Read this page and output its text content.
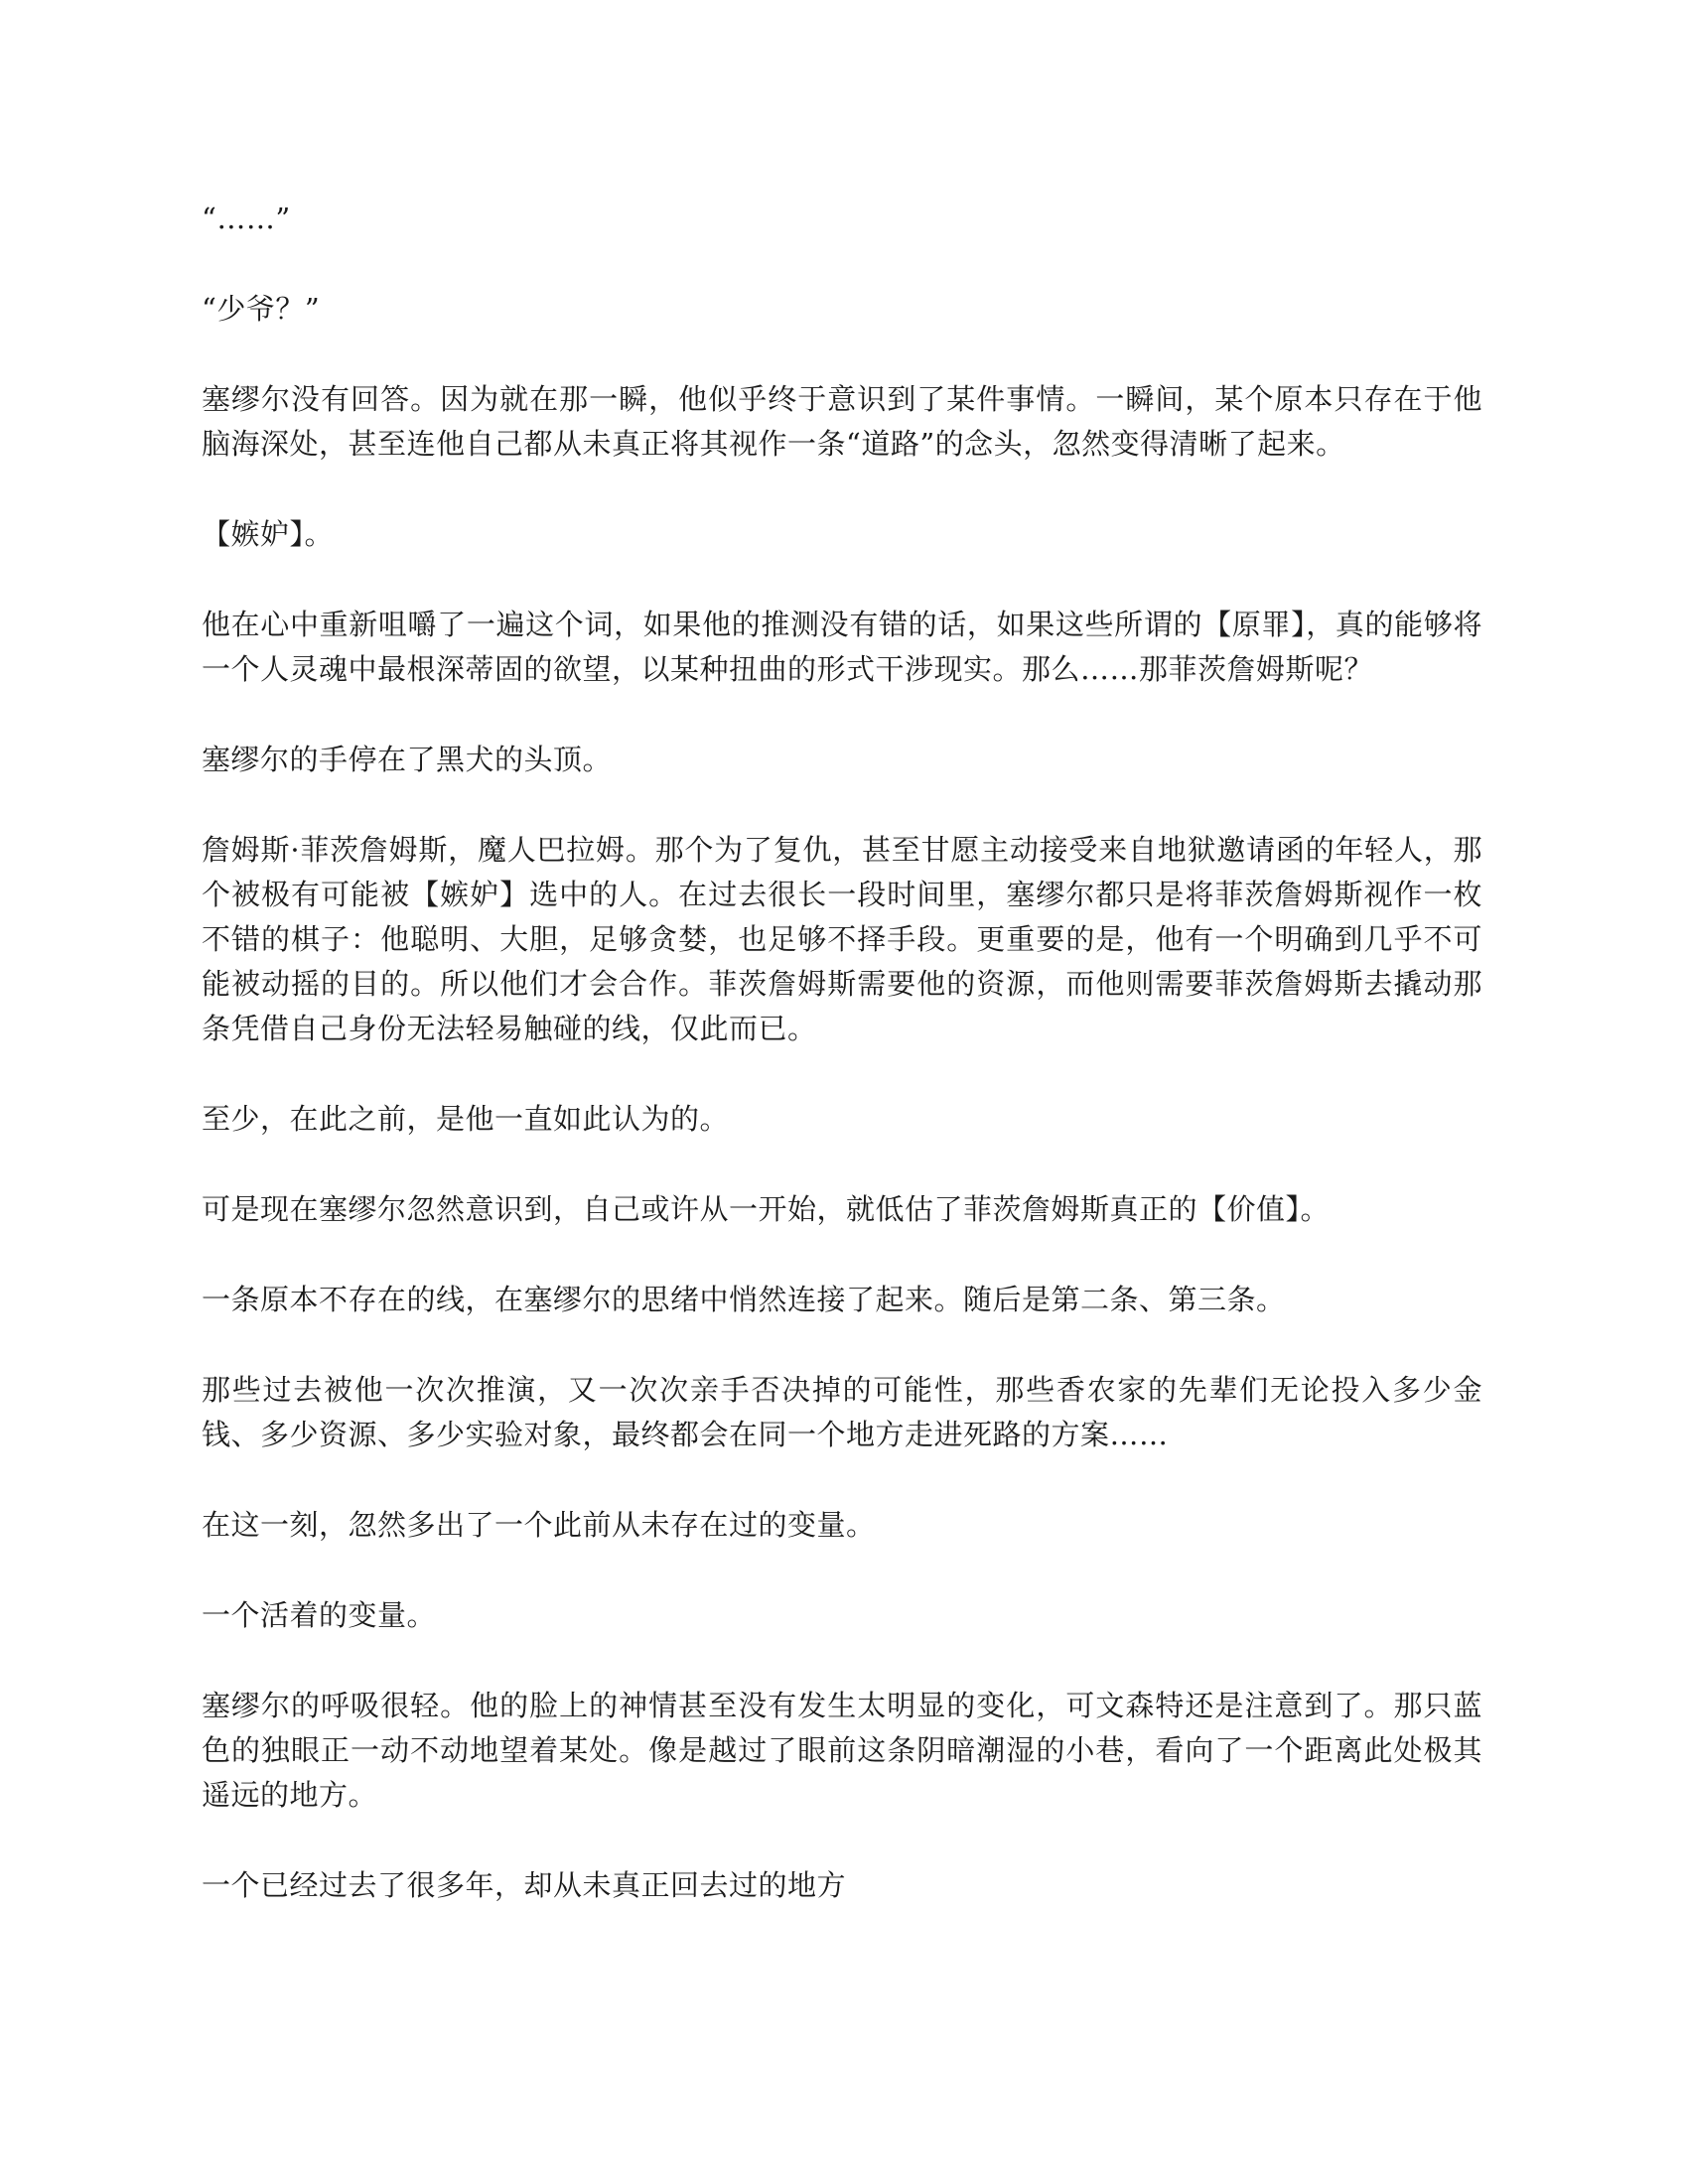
“……”

“少爷？”

塞缪尔没有回答。因为就在那一瞬，他似乎终于意识到了某件事情。一瞬间，某个原本只存在于他脑海深处，甚至连他自己都从未真正将其视作一条“道路”的念头，忽然变得清晰了起来。

【嫉妒】。

他在心中重新咀嚼了一遍这个词，如果他的推测没有错的话，如果这些所谓的【原罪】，真的能够将一个人灵魂中最根深蒂固的欲望，以某种扭曲的形式干涉现实。那么……那菲茨詹姆斯呢？

塞缪尔的手停在了黑犬的头顶。

詹姆斯·菲茨詹姆斯，魔人巴拉姆。那个为了复仇，甚至甘愿主动接受来自地狱邀请函的年轻人，那个被极有可能被【嫉妒】选中的人。在过去很长一段时间里，塞缪尔都只是将菲茨詹姆斯视作一枚不错的棋子：他聪明、大胆，足够贪婪，也足够不择手段。更重要的是，他有一个明确到几乎不可能被动摇的目的。所以他们才会合作。菲茨詹姆斯需要他的资源，而他则需要菲茨詹姆斯去撬动那条凭借自己身份无法轻易触碰的线，仅此而已。

至少，在此之前，是他一直如此认为的。

可是现在塞缪尔忽然意识到，自己或许从一开始，就低估了菲茨詹姆斯真正的【价值】。

一条原本不存在的线，在塞缪尔的思绪中悄然连接了起来。随后是第二条、第三条。

那些过去被他一次次推演，又一次次亲手否决掉的可能性，那些香农家的先辈们无论投入多少金钱、多少资源、多少实验对象，最终都会在同一个地方走进死路的方案……

在这一刻，忽然多出了一个此前从未存在过的变量。

一个活着的变量。

塞缪尔的呼吸很轻。他的脸上的神情甚至没有发生太明显的变化，可文森特还是注意到了。那只蓝色的独眼正一动不动地望着某处。像是越过了眼前这条阴暗潮湿的小巷，看向了一个距离此处极其遥远的地方。

一个已经过去了很多年，却从未真正回去过的地方
